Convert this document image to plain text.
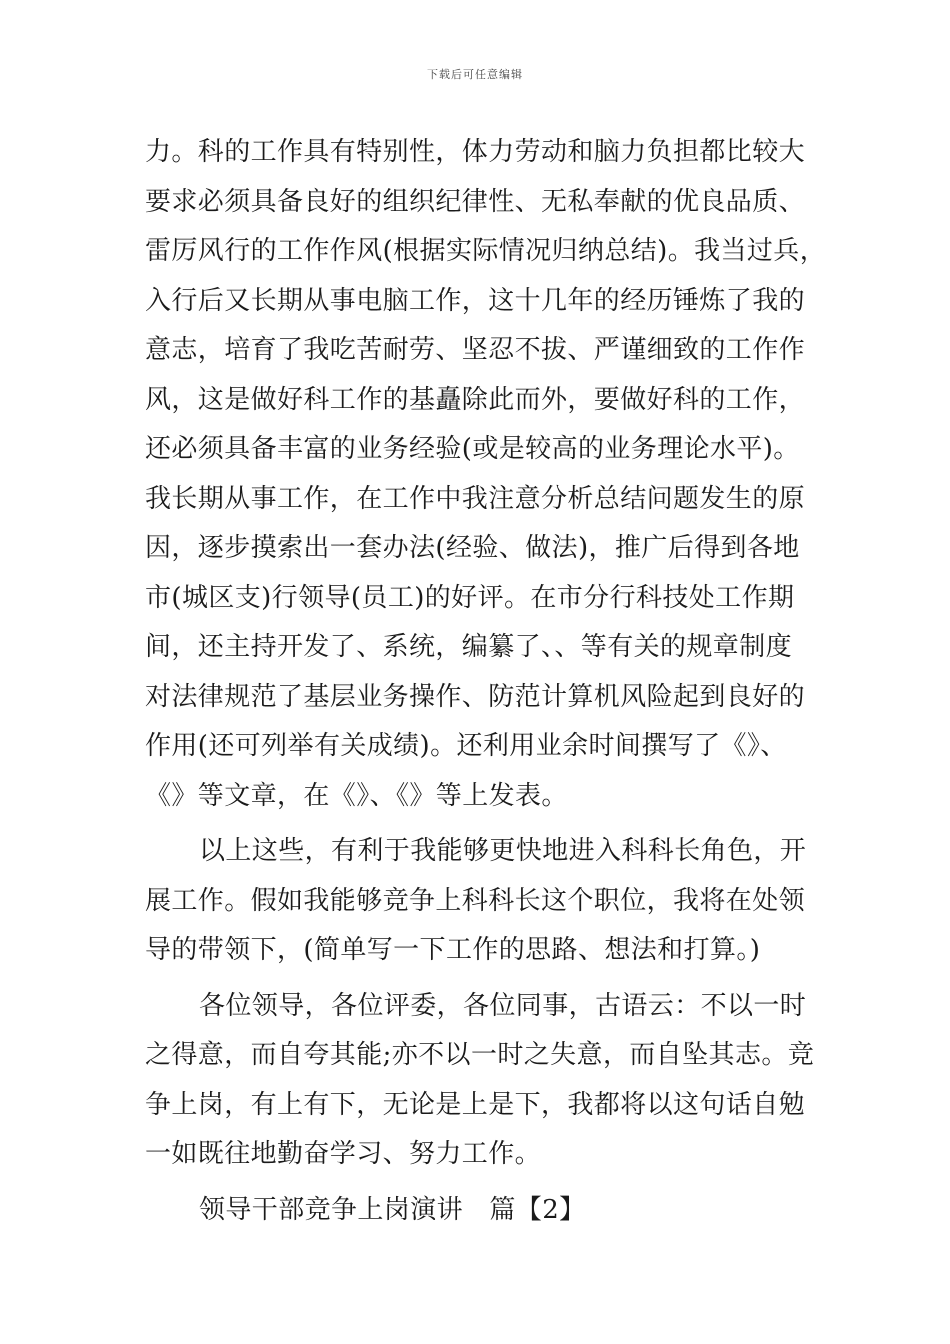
下载后可任意编辑
力。科的工作具有特别性，体力劳动和脑力负担都比较大
要求必须具备良好的组织纪律性、无私奉献的优良品质、
雷厉风行的工作作风(根据实际情况归纳总结)。我当过兵，
入行后又长期从事电脑工作，这十几年的经历锤炼了我的
意志，培育了我吃苦耐劳、坚忍不拔、严谨细致的工作作
风，这是做好科工作的基矗除此而外，要做好科的工作，
还必须具备丰富的业务经验(或是较高的业务理论水平)。
我长期从事工作，在工作中我注意分析总结问题发生的原
因，逐步摸索出一套办法(经验、做法)，推广后得到各地
市(城区支)行领导(员工)的好评。在市分行科技处工作期
间，还主持开发了、系统，编纂了、、等有关的规章制度
对法律规范了基层业务操作、防范计算机风险起到良好的
作用(还可列举有关成绩)。还利用业余时间撰写了《》、
《》等文章，在《》、《》等上发表。
以上这些，有利于我能够更快地进入科科长角色，开
展工作。假如我能够竞争上科科长这个职位，我将在处领
导的带领下，(简单写一下工作的思路、想法和打算。)
各位领导，各位评委，各位同事，古语云：不以一时
之得意，而自夸其能;亦不以一时之失意，而自坠其志。竞
争上岗，有上有下，无论是上是下，我都将以这句话自勉
一如既往地勤奋学习、努力工作。
领导干部竞争上岗演讲　篇【2】
